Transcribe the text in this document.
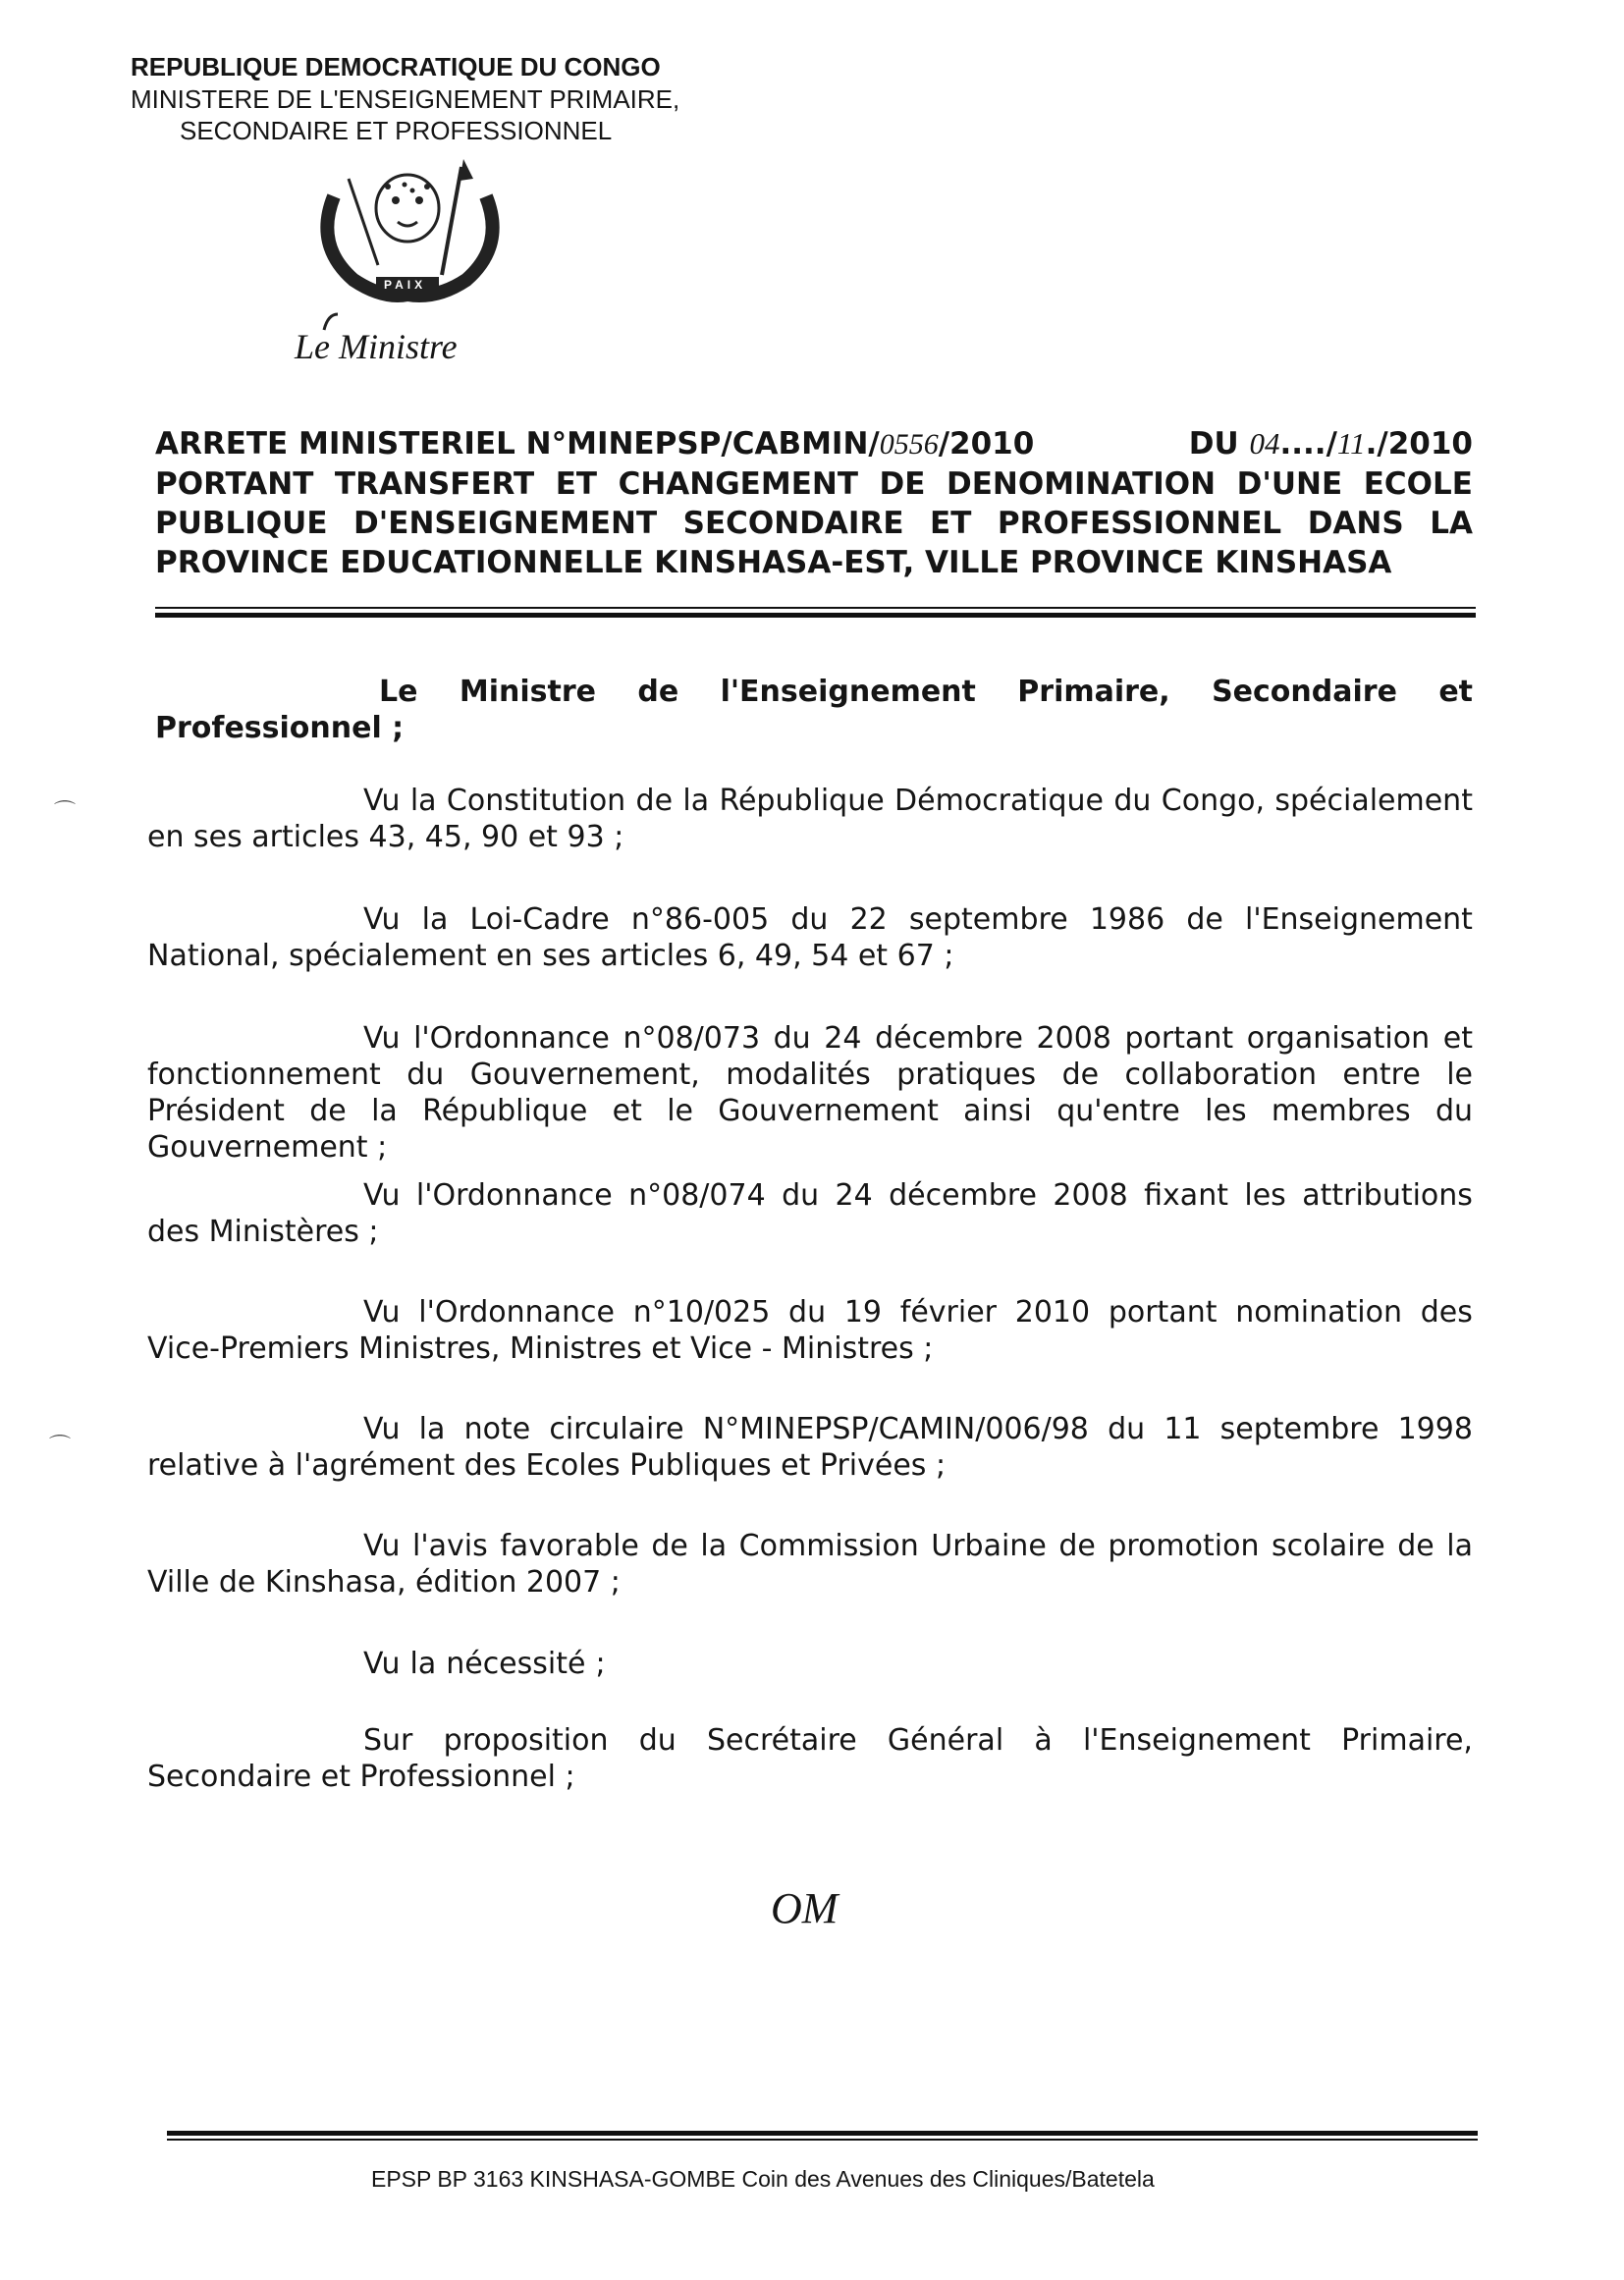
REPUBLIQUE DEMOCRATIQUE DU CONGO
MINISTERE DE L'ENSEIGNEMENT PRIMAIRE,
SECONDAIRE ET PROFESSIONNEL
PAIX
Le Ministre
ARRETE MINISTERIEL N°MINEPSP/CABMIN/0556/2010	DU 04..../11./2010
PORTANT TRANSFERT ET CHANGEMENT DE DENOMINATION D'UNE ECOLE
PUBLIQUE D'ENSEIGNEMENT SECONDAIRE ET PROFESSIONNEL DANS LA
PROVINCE EDUCATIONNELLE KINSHASA-EST, VILLE PROVINCE KINSHASA
Le Ministre de l'Enseignement Primaire, Secondaire et
Professionnel ;
Vu la Constitution de la République Démocratique du Congo, spécialement
en ses articles 43, 45, 90 et 93 ;
Vu la Loi-Cadre n°86-005 du 22 septembre 1986 de l'Enseignement
National, spécialement en ses articles 6, 49, 54 et 67 ;
Vu l'Ordonnance n°08/073 du 24 décembre 2008 portant organisation et
fonctionnement du Gouvernement, modalités pratiques de collaboration entre le Président de la République et le Gouvernement ainsi qu'entre les membres du Gouvernement ;
Vu l'Ordonnance n°08/074 du 24 décembre 2008 fixant les attributions
des Ministères ;
Vu l'Ordonnance n°10/025 du 19 février 2010 portant nomination des
Vice-Premiers Ministres, Ministres et Vice - Ministres ;
Vu la note circulaire N°MINEPSP/CAMIN/006/98 du 11 septembre 1998
relative à l'agrément des Ecoles Publiques et Privées ;
Vu l'avis favorable de la Commission Urbaine de promotion scolaire de la
Ville de Kinshasa, édition 2007 ;
Vu la nécessité ;
Sur proposition du Secrétaire Général à l'Enseignement Primaire,
Secondaire et Professionnel ;
⌒
⌒
OM
EPSP BP 3163 KINSHASA-GOMBE Coin des Avenues des Cliniques/Batetela
